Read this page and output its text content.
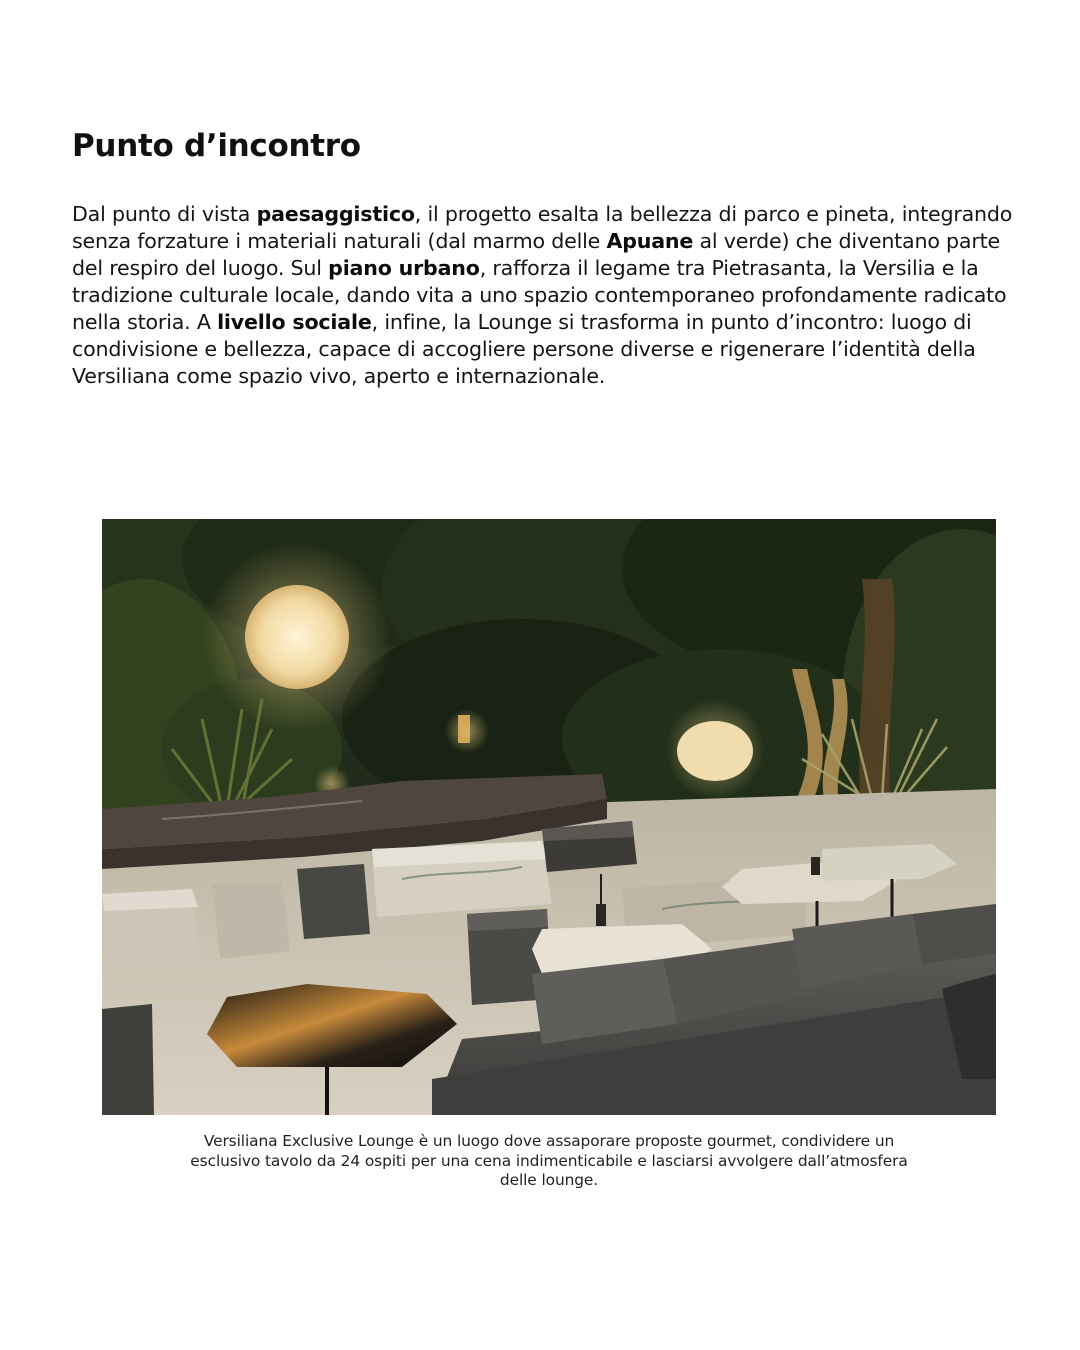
Punto d’incontro

Dal punto di vista paesaggistico, il progetto esalta la bellezza di parco e pineta, integrando senza forzature i materiali naturali (dal marmo delle Apuane al verde) che diventano parte del respiro del luogo. Sul piano urbano, rafforza il legame tra Pietrasanta, la Versilia e la tradizione culturale locale, dando vita a uno spazio contemporaneo profondamente radicato nella storia. A livello sociale, infine, la Lounge si trasforma in punto d’incontro: luogo di condivisione e bellezza, capace di accogliere persone diverse e rigenerare l’identità della Versiliana come spazio vivo, aperto e internazionale.

Versiliana Exclusive Lounge è un luogo dove assaporare proposte gourmet, condividere un esclusivo tavolo da 24 ospiti per una cena indimenticabile e lasciarsi avvolgere dall’atmosfera delle lounge.
